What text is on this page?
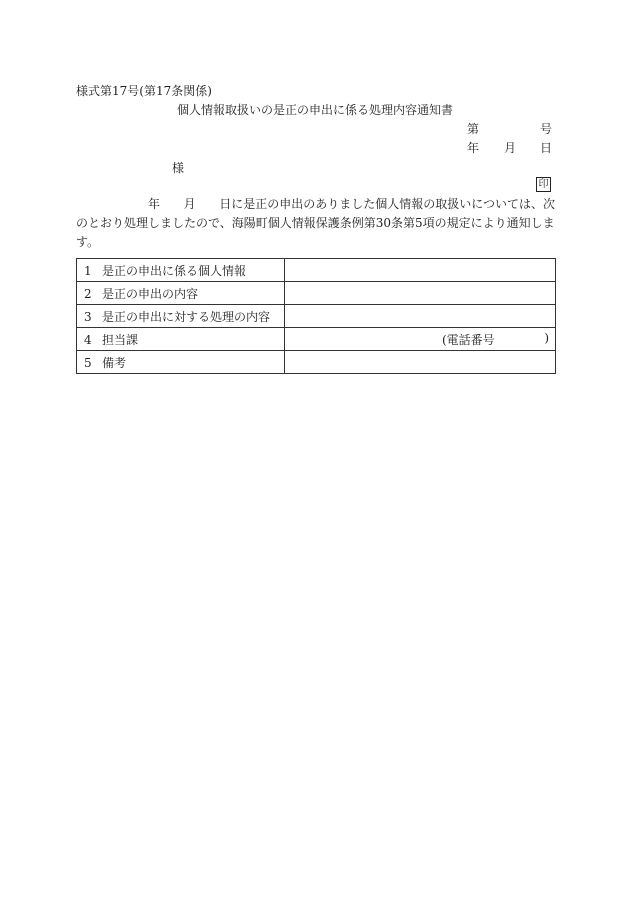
様式第17号(第17条関係)
個人情報取扱いの是正の申出に係る処理内容通知書
第	号
年 月 日
様
印
年 月 日に是正の申出のありました個人情報の取扱いについては、次
のとおり処理しましたので、海陽町個人情報保護条例第30条第5項の規定により通知しま
す。
1 是正の申出に係る個人情報	
2 是正の申出の内容	
3 是正の申出に対する処理の内容	
4 担当課	(電話番号 )

5 備考	
